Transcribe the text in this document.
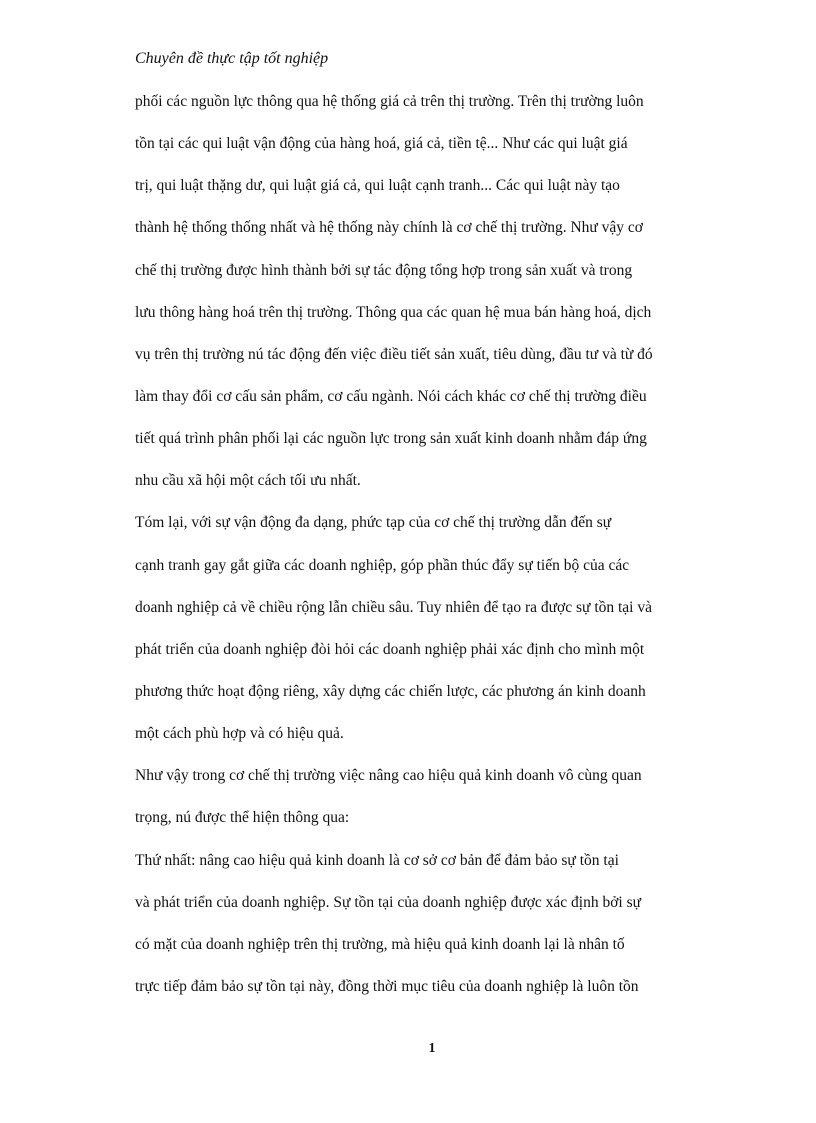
Chuyên đề thực tập tốt nghiệp
phối các nguồn lực thông qua hệ thống giá cả trên thị trường. Trên thị trường luôn
tồn tại các qui luật vận động của hàng hoá, giá cả, tiền tệ... Như các qui luật giá
trị, qui luật thặng dư, qui luật giá cả, qui luật cạnh tranh... Các qui luật này tạo
thành hệ thống thống nhất và hệ thống này chính là cơ chế thị trường. Như vậy cơ
chế thị trường được hình thành bởi sự tác động tổng hợp trong sản xuất và trong
lưu thông hàng hoá trên thị trường. Thông qua các quan hệ mua bán hàng hoá, dịch
vụ trên thị trường nú tác động đến việc điều tiết sản xuất, tiêu dùng, đầu tư và từ đó
làm thay đổi cơ cấu sản phẩm, cơ cấu ngành. Nói cách khác cơ chế thị trường điều
tiết quá trình phân phối lại các nguồn lực trong sản xuất kinh doanh nhằm đáp ứng
nhu cầu xã hội một cách tối ưu nhất.
Tóm lại, với sự vận động đa dạng, phức tạp của cơ chế thị trường dẫn đến sự
cạnh tranh gay gắt giữa các doanh nghiệp, góp phần thúc đẩy sự tiến bộ của các
doanh nghiệp cả về chiều rộng lẫn chiều sâu. Tuy nhiên để tạo ra được sự tồn tại và
phát triển của doanh nghiệp đòi hỏi các doanh nghiệp phải xác định cho mình một
phương thức hoạt động riêng, xây dựng các chiến lược, các phương án kinh doanh
một cách phù hợp và có hiệu quả.
Như vậy trong cơ chế thị trường việc nâng cao hiệu quả kinh doanh vô cùng quan
trọng, nú được thể hiện thông qua:
Thứ nhất: nâng cao hiệu quả kinh doanh là cơ sở cơ bản để đảm bảo sự tồn tại
và phát triển của doanh nghiệp. Sự tồn tại của doanh nghiệp được xác định bởi sự
có mặt của doanh nghiệp trên thị trường, mà hiệu quả kinh doanh lại là nhân tố
trực tiếp đảm bảo sự tồn tại này, đồng thời mục tiêu của doanh nghiệp là luôn tồn
1
